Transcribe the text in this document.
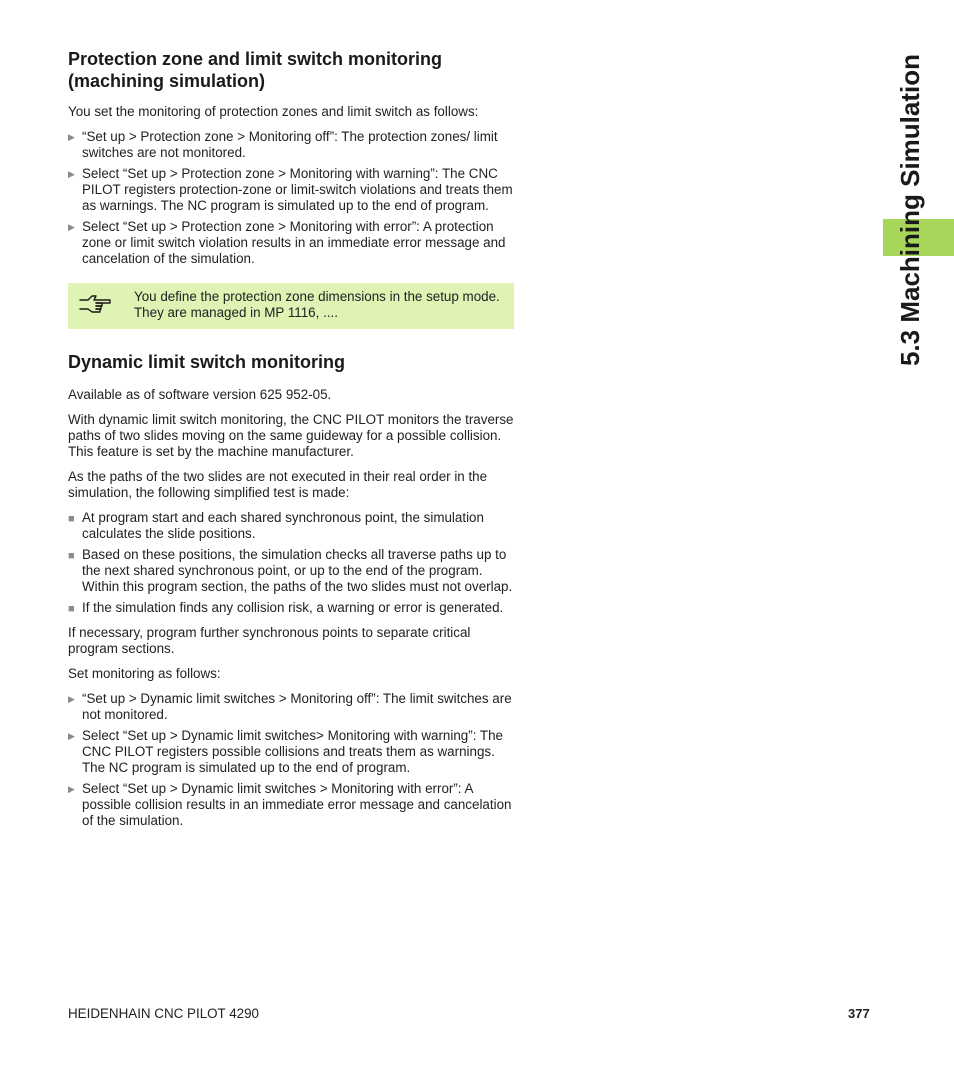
Protection zone and limit switch monitoring (machining simulation)

You set the monitoring of protection zones and limit switch as follows:

▶ “Set up > Protection zone > Monitoring off”: The protection zones/ limit switches are not monitored.
▶ Select “Set up > Protection zone > Monitoring with warning”: The CNC PILOT registers protection-zone or limit-switch violations and treats them as warnings. The NC program is simulated up to the end of program.
▶ Select “Set up > Protection zone > Monitoring with error”: A protection zone or limit switch violation results in an immediate error message and cancelation of the simulation.
You define the protection zone dimensions in the setup mode. They are managed in MP 1116, ....
Dynamic limit switch monitoring

Available as of software version 625 952-05.

With dynamic limit switch monitoring, the CNC PILOT monitors the traverse paths of two slides moving on the same guideway for a possible collision. This feature is set by the machine manufacturer.

As the paths of the two slides are not executed in their real order in the simulation, the following simplified test is made:

■ At program start and each shared synchronous point, the simulation calculates the slide positions.
■ Based on these positions, the simulation checks all traverse paths up to the next shared synchronous point, or up to the end of the program. Within this program section, the paths of the two slides must not overlap.
■ If the simulation finds any collision risk, a warning or error is generated.

If necessary, program further synchronous points to separate critical program sections.

Set monitoring as follows:

▶ “Set up > Dynamic limit switches > Monitoring off”: The limit switches are not monitored.
▶ Select “Set up > Dynamic limit switches> Monitoring with warning”: The CNC PILOT registers possible collisions and treats them as warnings. The NC program is simulated up to the end of program.
▶ Select “Set up > Dynamic limit switches > Monitoring with error”: A possible collision results in an immediate error message and cancelation of the simulation.
5.3 Machining Simulation
HEIDENHAIN CNC PILOT 4290	377
